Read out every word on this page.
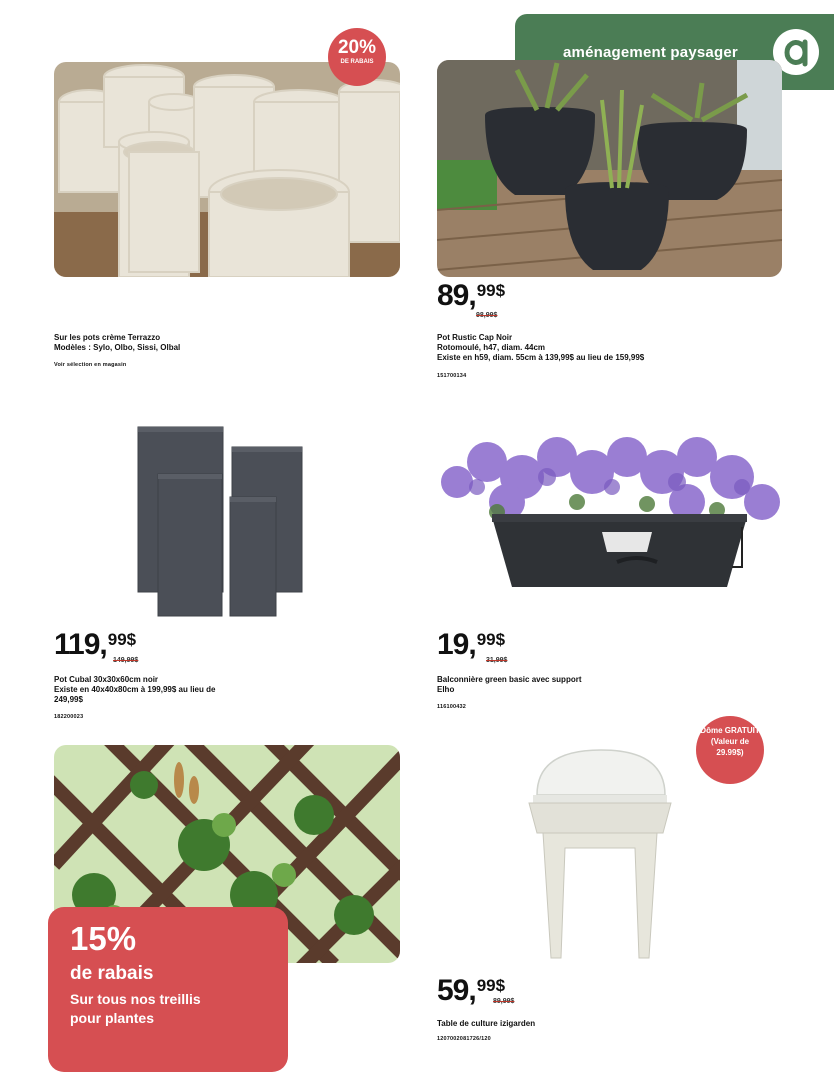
aménagement paysager
20%
DE RABAIS
Sur les pots crème Terrazzo
Modèles : Sylo, Olbo, Sissi, Olbal
Voir sélection en magasin
89, 99$
98,99$
Pot Rustic Cap Noir
Rotomoulé, h47, diam. 44cm
Existe en h59, diam. 55cm à 139,99$ au lieu de 159,99$
151700134
119, 99$
149,99$
Pot Cubal 30x30x60cm noir
Existe en 40x40x80cm à 199,99$ au lieu de
249,99$
182200023
19, 99$
31,99$
Balconnière green basic avec support
Elho
116100432
15%
de rabais
Sur tous nos treillis
pour plantes
Dôme GRATUIT
(Valeur de
29.99$)
59, 99$
89,99$
Table de culture izigarden
1207002081726/120
